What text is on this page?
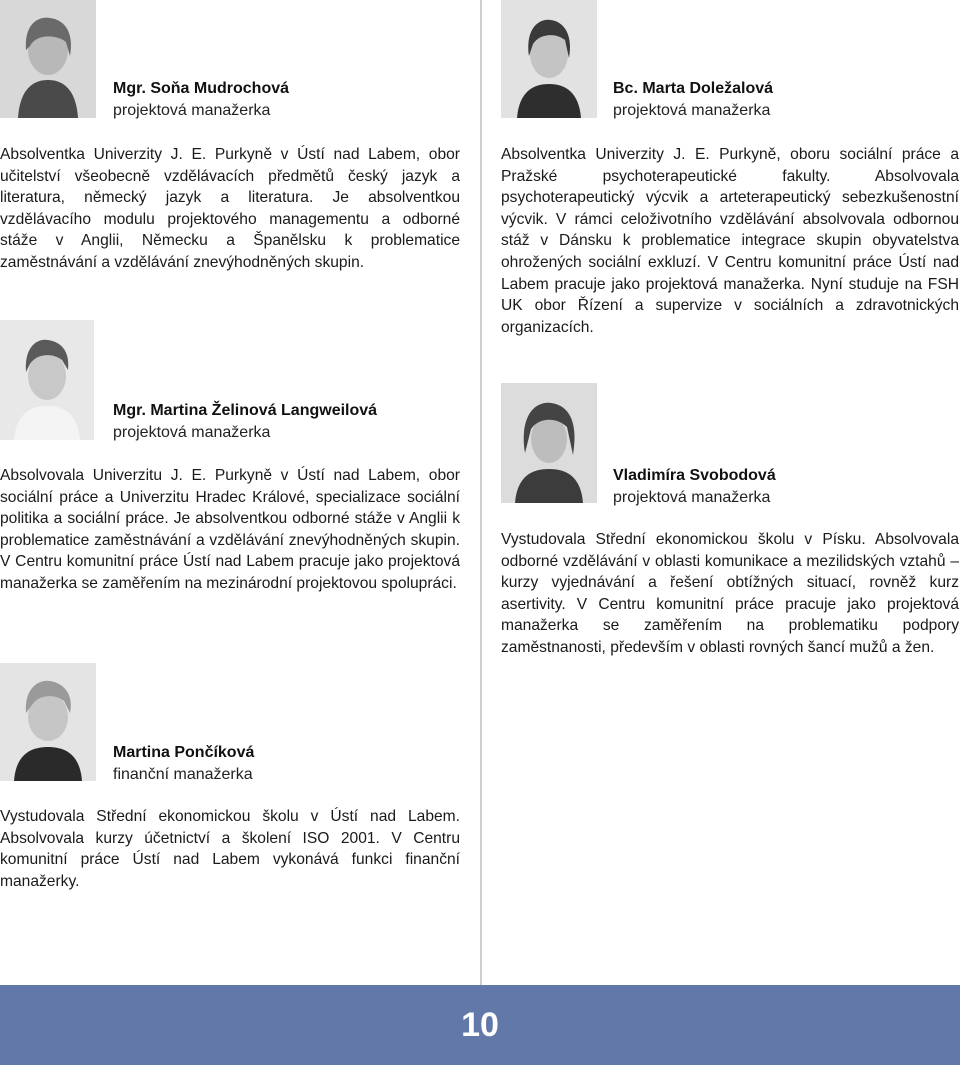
Mgr. Soňa Mudrochová
projektová manažerka
Absolventka Univerzity J. E. Purkyně v Ústí nad Labem, obor učitelství všeobecně vzdělávacích předmětů český jazyk a literatura, německý jazyk a literatura. Je absolventkou vzdělávacího modulu projektového managementu a odborné stáže v Anglii, Německu a Španělsku k problematice zaměstnávání a vzdělávání znevýhodněných skupin.
Bc. Marta Doležalová
projektová manažerka
Absolventka Univerzity J. E. Purkyně, oboru sociální práce a Pražské psychoterapeutické fakulty. Absolvovala psychoterapeutický výcvik a arteterapeutický sebezkušenostní výcvik. V rámci celoživotního vzdělávání absolvovala odbornou stáž v Dánsku k problematice integrace skupin obyvatelstva ohrožených sociální exkluzí. V Centru komunitní práce Ústí nad Labem pracuje jako projektová manažerka. Nyní studuje na FSH UK obor Řízení a supervize v sociálních a zdravotnických organizacích.
Mgr. Martina Želinová Langweilová
projektová manažerka
Absolvovala Univerzitu J. E. Purkyně v Ústí nad Labem, obor sociální práce a Univerzitu Hradec Králové, specializace sociální politika a sociální práce. Je absolventkou odborné stáže v Anglii k problematice zaměstnávání a vzdělávání znevýhodněných skupin. V Centru komunitní práce Ústí nad Labem pracuje jako projektová manažerka se zaměřením na mezinárodní projektovou spolupráci.
Vladimíra Svobodová
projektová manažerka
Vystudovala Střední ekonomickou školu v Písku. Absolvovala odborné vzdělávání v oblasti komunikace a mezilidských vztahů – kurzy vyjednávání a řešení obtížných situací, rovněž kurz asertivity. V Centru komunitní práce pracuje jako projektová manažerka se zaměřením na problematiku podpory zaměstnanosti, především v oblasti rovných šancí mužů a žen.
Martina Pončíková
finanční manažerka
Vystudovala Střední ekonomickou školu v Ústí nad Labem. Absolvovala kurzy účetnictví a školení ISO 2001. V Centru komunitní práce Ústí nad Labem vykonává funkci finanční manažerky.
10
